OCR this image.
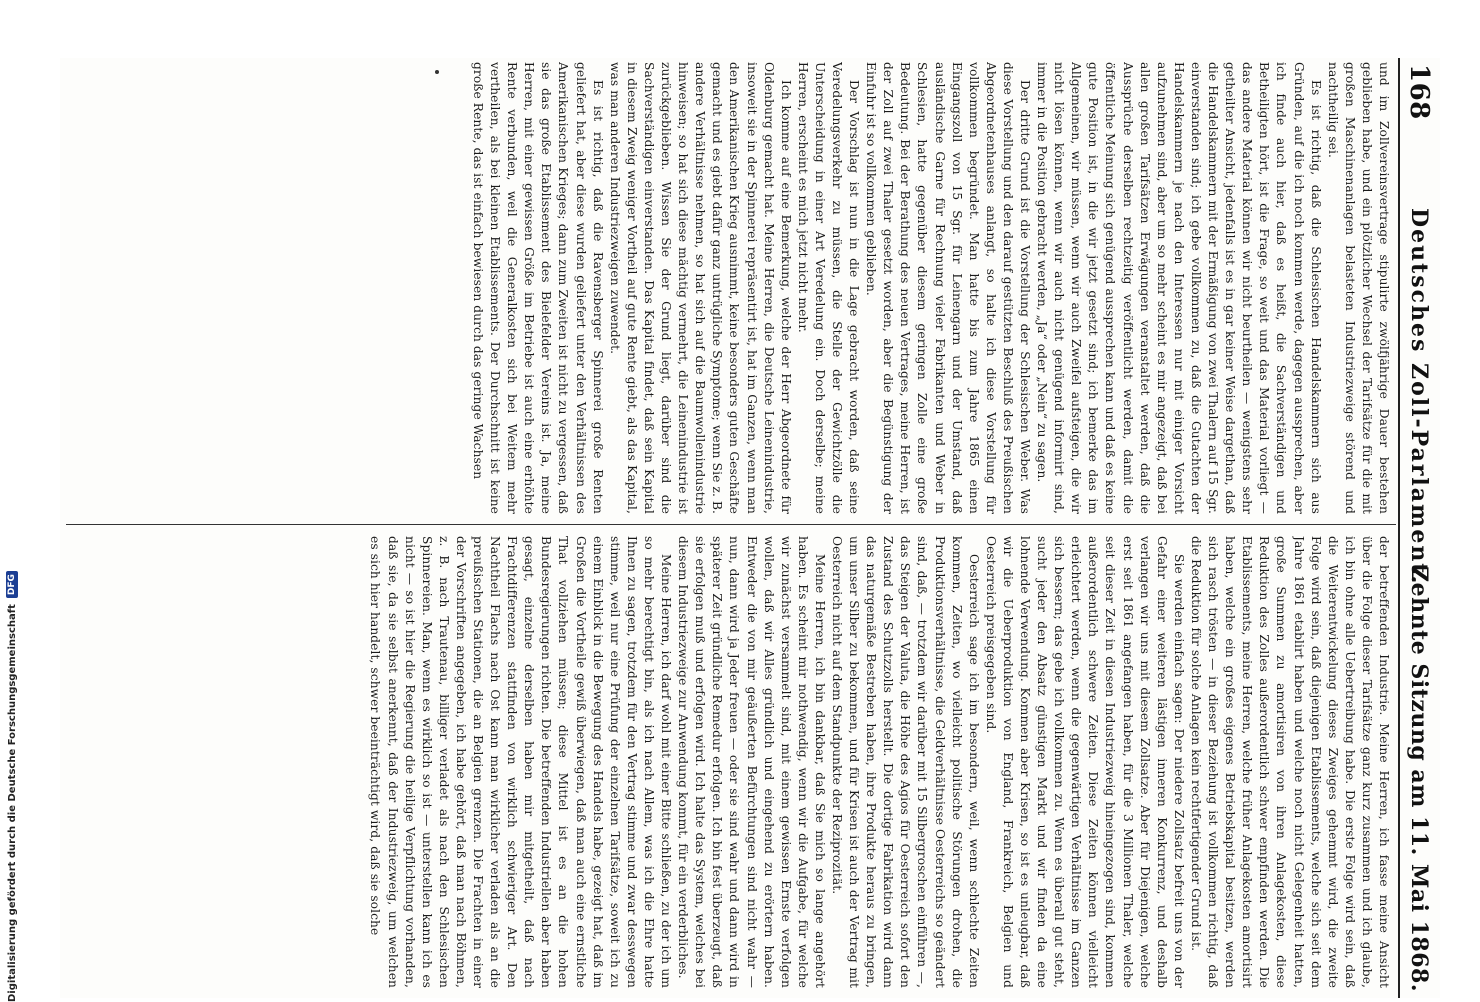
168
Deutsches Zoll-Parlament.
Zehnte Sitzung am 11. Mai 1868.

und im Zollvereinsvertrage stipulirte zwölfjährige Dauer bestehen geblieben habe, und ein plötzlicher Wechsel der Tarifsätze für die mit großen Maschinenanlagen belasteten Industriezweige störend und nachtheilig sei.

Es ist richtig, daß die Schlesischen Handelskammern sich aus Gründen, auf die ich noch kommen werde, dagegen aussprechen, aber ich finde auch hier, daß es heißt, die Sachverständigen und Betheiligten hört, ist die Frage, so weit und das Material vorliegt — das andere Material können wir nicht beurtheilen — wenigstens sehr getheilter Ansicht, jedenfalls ist es in gar keiner Weise dargethan, daß die Handelskammern mit der Ermäßigung von zwei Thalern auf 15 Sgr. einverstanden sind; ich gebe vollkommen zu, daß die Gutachten der Handelskammern je nach den Interessen nur mit einiger Vorsicht aufzunehmen sind, aber um so mehr scheint es mir angezeigt, daß bei allen großen Tarifsätzen Erwägungen veranstaltet werden, daß die Aussprüche derselben rechtzeitig veröffentlicht werden, damit die öffentliche Meinung sich genügend aussprechen kann und daß es keine gute Position ist, in die wir jetzt gesetzt sind; ich bemerke das im Allgemeinen, wir müssen, wenn wir auch Zweifel aufsteigen, die wir nicht lösen können, wenn wir auch nicht genügend informirt sind, immer in die Position gebracht werden, „Ja“ oder „Nein“ zu sagen.

Der dritte Grund ist die Vorstellung der Schlesischen Weber. Was diese Vorstellung und den darauf gestützten Beschluß des Preußischen Abgeordnetenhauses anlangt, so halte ich diese Vorstellung für vollkommen begründet. Man hatte bis zum Jahre 1865 einen Eingangszoll von 15 Sgr. für Leinengarn und der Umstand, daß ausländische Garne für Rechnung vieler Fabrikanten und Weber in Schlesien, hatte gegenüber diesem geringen Zolle eine große Bedeutung. Bei der Berathung des neuen Vertrages, meine Herren, ist der Zoll auf zwei Thaler gesetzt worden, aber die Begünstigung der Einfuhr ist so vollkommen geblieben.

Der Vorschlag ist nun in die Lage gebracht worden, daß seine Veredelungsverkehr zu müssen, die Stelle der Gewichtzölle die Unterscheidung in einer Art Veredelung ein. Doch derselbe; meine Herren, erscheint es mich jetzt nicht mehr.

Ich komme auf eine Bemerkung, welche der Herr Abgeordnete für Oldenburg gemacht hat. Meine Herren, die Deutsche Leinenindustrie, insoweit sie in der Spinnerei repräsentirt ist, hat im Ganzen, wenn man den Amerikanischen Krieg ausnimmt, keine besonders guten Geschäfte gemacht und es giebt dafür ganz untrügliche Symptome; wenn Sie z. B. andere Verhältnisse nehmen, so hat sich auf die Baumwollenindustrie hinweisen; so hat sich diese mächtig vermehrt, die Leinenindustrie ist zurückgeblieben. Wissen Sie der Grund liegt, darüber sind die Sachverständigen einverstanden. Das Kapital findet, daß sein Kapital in diesem Zweig weniger Vortheil auf gute Rente giebt, als das Kapital, was man anderen Industriezweigen zuwendet.

Es ist richtig, daß die Ravensberger Spinnerei große Renten geliefert hat, aber diese wurden geliefert unter den Verhältnissen des Amerikanischen Krieges; dann zum Zweiten ist nicht zu vergessen, daß sie das große Etablissement des Bielefelder Vereins ist. Ja, meine Herren, mit einer gewissen Größe im Betriebe ist auch eine erhöhte Rente verbunden, weil die Generalkosten sich bei Weitem mehr vertheilen, als bei kleinen Etablissements. Der Durchschnitt ist keine große Rente, das ist einfach bewiesen durch das geringe Wachsen

der betreffenden Industrie. Meine Herren, ich fasse meine Ansicht über die Folge dieser Tarifsätze ganz kurz zusammen und ich glaube, ich bin ohne alle Uebertreibung habe. Die erste Folge wird sein, daß die Weiterentwickelung dieses Zweiges gehemmt wird, die zweite Folge wird sein, daß diejenigen Etablissements, welche sich seit dem Jahre 1861 etablirt haben und welche noch nicht Gelegenheit hatten, große Summen zu amortisiren von ihren Anlagekosten, diese Reduktion des Zolles außerordentlich schwer empfinden werden. Die Etablissements, meine Herren, welche früher Anlagekosten amortisirt haben, welche ein großes eigenes Betriebskapital besitzen, werden sich rasch trösten — in dieser Beziehung ist vollkommen richtig, daß die Reduktion für solche Anlagen kein rechtfertigender Grund ist.

Sie werden einfach sagen: Der niedere Zollsatz befreit uns von der Gefahr einer weiteren lästigen inneren Konkurrenz, und deshalb verlangen wir uns mit diesem Zollsatze. Aber für Diejenigen, welche erst seit 1861 angefangen haben, für die 3 Millionen Thaler, welche seit dieser Zeit in diesen Industriezweig hineingezogen sind, kommen außerordentlich schwere Zeiten. Diese Zeiten können vielleicht erleichtert werden, wenn die gegenwärtigen Verhältnisse im Ganzen sich bessern; das gebe ich vollkommen zu. Wenn es überall gut steht, sucht jeder den Absatz günstigen Markt und wir finden da eine lohnende Verwendung. Kommen aber Krisen, so ist es unleugbar, daß wir die Ueberproduktion von England, Frankreich, Belgien und Oesterreich preisgegeben sind.

Oesterreich sage ich im besondern, weil, wenn schlechte Zeiten kommen, Zeiten, wo vielleicht politische Störungen drohen, die Produktionsverhältnisse, die Geldverhältnisse Oesterreichs so geändert sind, daß, — trotzdem wir darüber mit 15 Silbergroschen einführen —, das Steigen der Valuta, die Höhe des Agios für Oesterreich sofort den Zustand des Schutzzolls herstellt. Die dortige Fabrikation wird dann das naturgemäße Bestreben haben, ihre Produkte heraus zu bringen, um unser Silber zu bekommen, und für Krisen ist auch der Vertrag mit Oesterreich nicht auf dem Standpunkte der Reziprozität.

Meine Herren, ich bin dankbar, daß Sie mich so lange angehört haben. Es scheint mir nothwendig, wenn wir die Aufgabe, für welche wir zunächst versammelt sind, mit einem gewissen Ernste verfolgen wollen, daß wir Alles gründlich und eingehend zu erörtern haben. Entweder die von mir geäußerten Befürchtungen sind nicht wahr — nun, dann wird ja Jeder freuen — oder sie sind wahr und dann wird in späterer Zeit gründliche Remedur erfolgen. Ich bin fest überzeugt, daß sie erfolgen muß und erfolgen wird. Ich halte das System, welches bei diesem Industriezweige zur Anwendung kommt, für ein verderbliches.

Meine Herren, ich darf wohl mit einer Bitte schließen, zu der ich um so mehr berechtigt bin, als ich nach Allem, was ich die Ehre hatte Ihnen zu sagen, trotzdem für den Vertrag stimme und zwar desswegen stimme, weil nur eine Prüfung der einzelnen Tarifsätze, soweit ich zu einem Einblick in die Bewegung des Handels habe, gezeigt hat, daß im Großen die Vortheile gewiß überwiegen, daß man auch eine ernstliche That vollziehen müssen; diese Mittel ist es an die hohen Bundesregierungen richten. Die betreffenden Industriellen aber haben gesagt, einzelne derselben haben mir mitgetheilt, daß nach Frachtdifferenzen stattfinden von wirklich schwieriger Art. Den Nachtheil Flachs nach Ost kann man wirklicher verladen als an die preußischen Stationen, die an Belgien grenzen. Die Frachten in einer der Vorschriften angegeben, ich habe gehört, daß man nach Böhmen, z. B. nach Trautenau, billiger verladet als nach den Schlesischen Spinnereien. Man, wenn es wirklich so ist — unterstellen kann ich es nicht — so ist hier die Regierung die heilige Verpflichtung vorhanden, daß sie, da sie selbst anerkennt, daß der Industriezweig, um welchen es sich hier handelt, schwer beeinträchtigt wird, daß sie solche

Digitalisierung gefördert durch die Deutsche Forschungsgemeinschaft
DFG
